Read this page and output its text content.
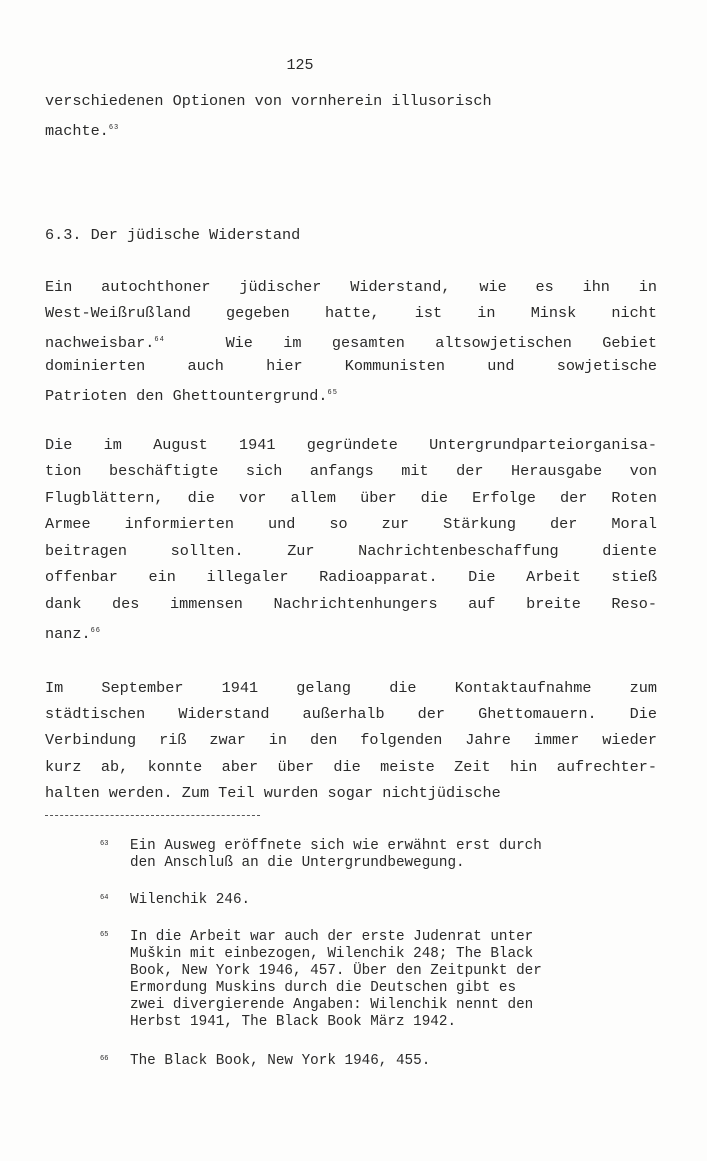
125
verschiedenen Optionen von vornherein illusorisch
machte.$^{63}$
6.3. Der jüdische Widerstand
Ein autochthoner jüdischer Widerstand, wie es ihn in
West-Weißrußland gegeben hatte, ist in Minsk nicht
nachweisbar.$^{64}$	Wie im gesamten altsowjetischen Gebiet
dominierten auch hier Kommunisten und sowjetische
Patrioten den Ghettountergrund.$^{65}$
Die im August 1941 gegründete Untergrundparteiorganisa-
tion beschäftigte sich anfangs mit der Herausgabe von
Flugblättern, die vor allem über die Erfolge der Roten
Armee informierten und so zur Stärkung der Moral
beitragen sollten. Zur Nachrichtenbeschaffung diente
offenbar ein illegaler Radioapparat. Die Arbeit stieß
dank des immensen Nachrichtenhungers auf breite Reso-
nanz.$^{66}$
Im September 1941 gelang die Kontaktaufnahme zum
städtischen Widerstand außerhalb der Ghettomauern. Die
Verbindung riß zwar in den folgenden Jahre immer wieder
kurz ab, konnte aber über die meiste Zeit hin aufrechter-
halten werden. Zum Teil wurden sogar nichtjüdische
63 Ein Ausweg eröffnete sich wie erwähnt erst durch
den Anschluß an die Untergrundbewegung.
64 Wilenchik 246.
65 In die Arbeit war auch der erste Judenrat unter
Muškin mit einbezogen, Wilenchik 248; The Black
Book, New York 1946, 457. Über den Zeitpunkt der
Ermordung Muskins durch die Deutschen gibt es
zwei divergierende Angaben: Wilenchik nennt den
Herbst 1941, The Black Book März 1942.
66 The Black Book, New York 1946, 455.
